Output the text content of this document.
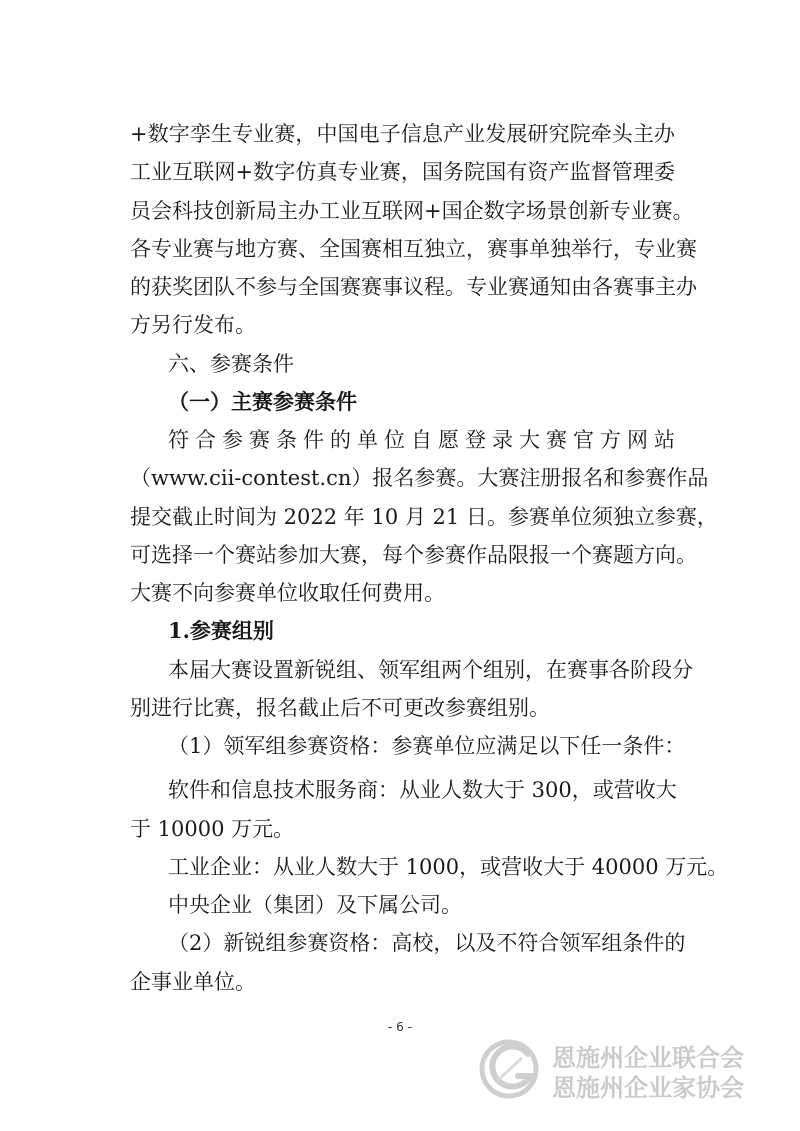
+数字孪生专业赛，中国电子信息产业发展研究院牵头主办
工业互联网+数字仿真专业赛，国务院国有资产监督管理委
员会科技创新局主办工业互联网+国企数字场景创新专业赛。
各专业赛与地方赛、全国赛相互独立，赛事单独举行，专业赛
的获奖团队不参与全国赛赛事议程。专业赛通知由各赛事主办
方另行发布。
六、参赛条件
（一）主赛参赛条件
符合参赛条件的单位自愿登录大赛官方网站
（www.cii-contest.cn）报名参赛。大赛注册报名和参赛作品
提交截止时间为 2022 年 10 月 21 日。参赛单位须独立参赛，
可选择一个赛站参加大赛，每个参赛作品限报一个赛题方向。
大赛不向参赛单位收取任何费用。
1.参赛组别
本届大赛设置新锐组、领军组两个组别，在赛事各阶段分
别进行比赛，报名截止后不可更改参赛组别。
（1）领军组参赛资格：参赛单位应满足以下任一条件：
软件和信息技术服务商：从业人数大于 300，或营收大
于 10000 万元。
工业企业：从业人数大于 1000，或营收大于 40000 万元。
中央企业（集团）及下属公司。
（2）新锐组参赛资格：高校，以及不符合领军组条件的
企事业单位。
- 6 -
恩施州企业联合会
恩施州企业家协会
